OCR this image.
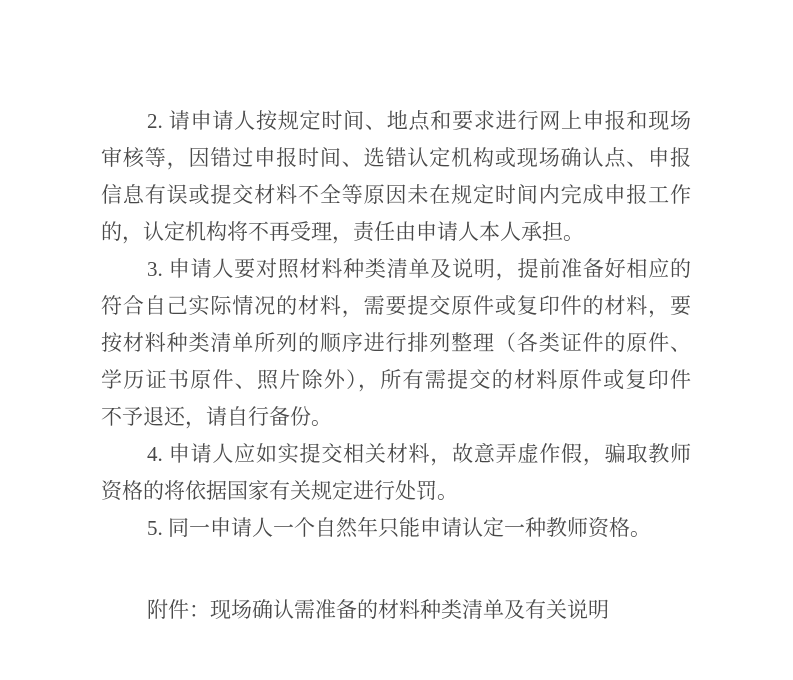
2. 请申请人按规定时间、地点和要求进行网上申报和现场
审核等，因错过申报时间、选错认定机构或现场确认点、申报
信息有误或提交材料不全等原因未在规定时间内完成申报工作
的，认定机构将不再受理，责任由申请人本人承担。
3. 申请人要对照材料种类清单及说明，提前准备好相应的
符合自己实际情况的材料，需要提交原件或复印件的材料，要
按材料种类清单所列的顺序进行排列整理（各类证件的原件、
学历证书原件、照片除外），所有需提交的材料原件或复印件
不予退还，请自行备份。
4. 申请人应如实提交相关材料，故意弄虚作假，骗取教师
资格的将依据国家有关规定进行处罚。
5. 同一申请人一个自然年只能申请认定一种教师资格。
附件：现场确认需准备的材料种类清单及有关说明
